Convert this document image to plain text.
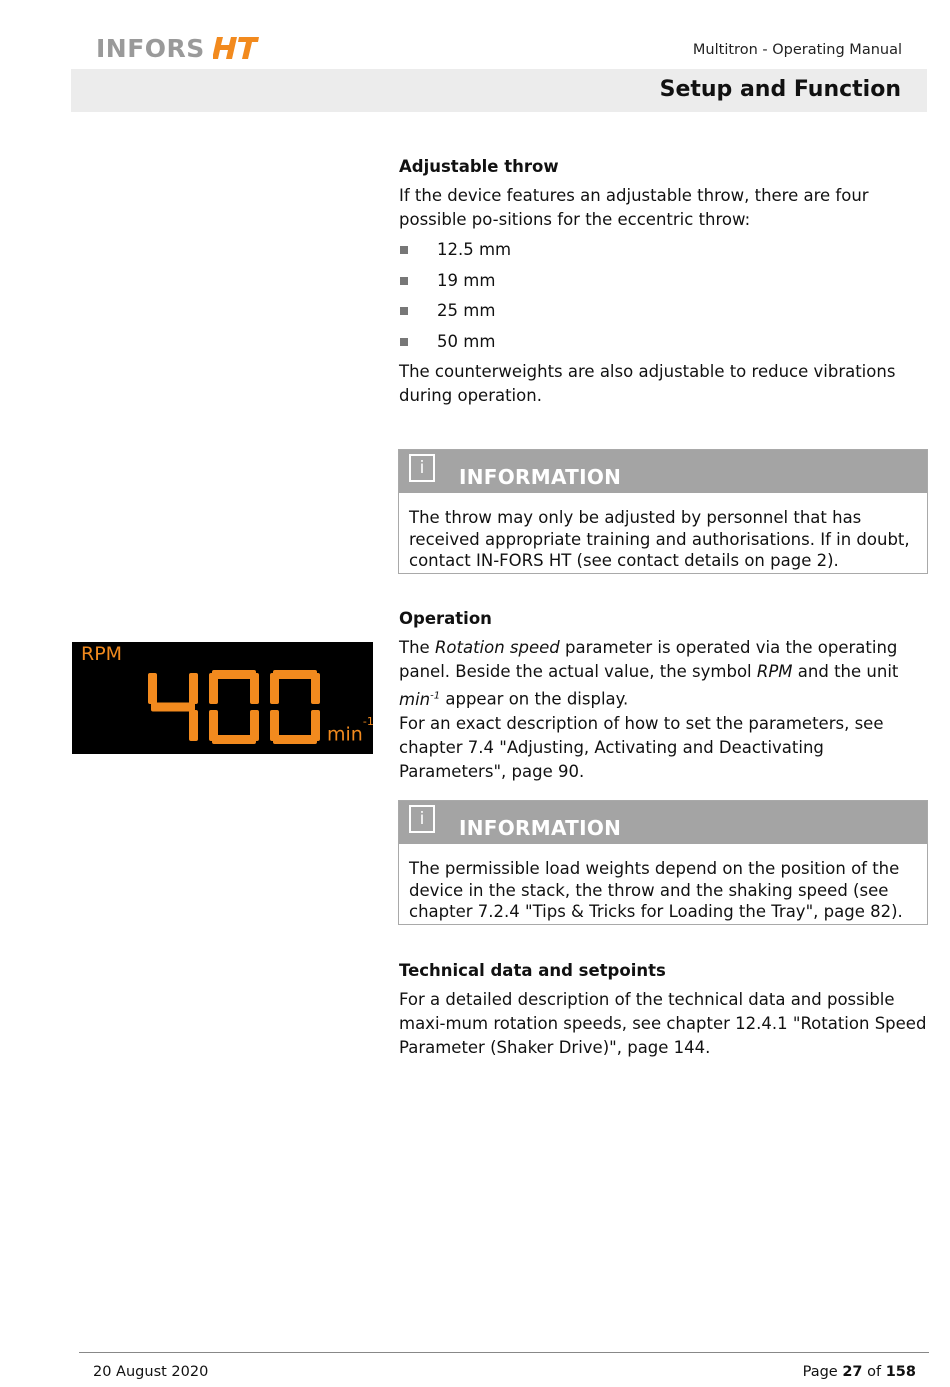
INFORS	Multitron - Operating Manual
Setup and Function
Adjustable throw

If the device features an adjustable throw, there are four possible po-sitions for the eccentric throw:

12.5 mm
19 mm
25 mm
50 mm

The counterweights are also adjustable to reduce vibrations during operation.

i	INFORMATION
The throw may only be adjusted by personnel that has received appropriate training and authorisations. If in doubt, contact IN-FORS HT (see contact details on page 2).
Operation

The Rotation speed parameter is operated via the operating panel. Beside the actual value, the symbol RPM and the unit $\min^{-1}$ appear on the display.

For an exact description of how to set the parameters, see chapter 7.4 "Adjusting, Activating and Deactivating Parameters", page 90.

RPM
$\min^{-1}$
i	INFORMATION
The permissible load weights depend on the position of the device in the stack, the throw and the shaking speed (see chapter 7.2.4 "Tips & Tricks for Loading the Tray", page 82).
Technical data and setpoints

For a detailed description of the technical data and possible maxi-mum rotation speeds, see chapter 12.4.1 "Rotation Speed Parameter (Shaker Drive)", page 144.

20 August 2020	Page 27 of 158
